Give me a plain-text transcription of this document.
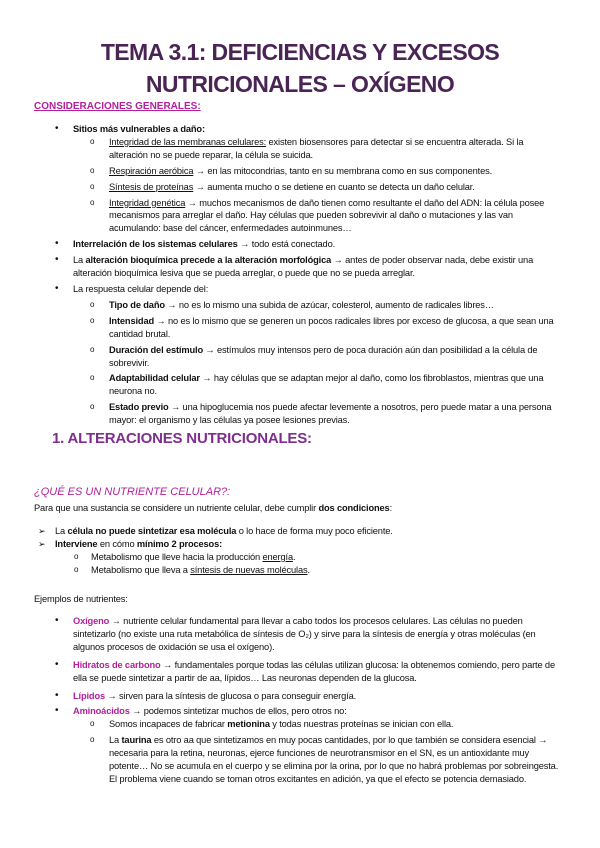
TEMA 3.1: DEFICIENCIAS Y EXCESOS
NUTRICIONALES – OXÍGENO
CONSIDERACIONES GENERALES:
• Sitios más vulnerables a daño:
o Integridad de las membranas celulares: existen biosensores para detectar si se encuentra alterada. Si la alteración no se puede reparar, la célula se suicida.
o Respiración aeróbica → en las mitocondrias, tanto en su membrana como en sus componentes.
o Síntesis de proteínas → aumenta mucho o se detiene en cuanto se detecta un daño celular.
o Integridad genética → muchos mecanismos de daño tienen como resultante el daño del ADN: la célula posee mecanismos para arreglar el daño. Hay células que pueden sobrevivir al daño o mutaciones y las van acumulando: base del cáncer, enfermedades autoinmunes…
• Interrelación de los sistemas celulares → todo está conectado.
• La alteración bioquímica precede a la alteración morfológica → antes de poder observar nada, debe existir una alteración bioquímica lesiva que se pueda arreglar, o puede que no se pueda arreglar.
• La respuesta celular depende del:
o Tipo de daño → no es lo mismo una subida de azúcar, colesterol, aumento de radicales libres…
o Intensidad → no es lo mismo que se generen un pocos radicales libres por exceso de glucosa, a que sean una cantidad brutal.
o Duración del estímulo → estímulos muy intensos pero de poca duración aún dan posibilidad a la célula de sobrevivir.
o Adaptabilidad celular → hay células que se adaptan mejor al daño, como los fibroblastos, mientras que una neurona no.
o Estado previo → una hipoglucemia nos puede afectar levemente a nosotros, pero puede matar a una persona mayor: el organismo y las células ya posee lesiones previas.
1. ALTERACIONES NUTRICIONALES:
¿QUÉ ES UN NUTRIENTE CELULAR?:
Para que una sustancia se considere un nutriente celular, debe cumplir dos condiciones:
➢ La célula no puede sintetizar esa molécula o lo hace de forma muy poco eficiente.
➢ Interviene en cómo mínimo 2 procesos:
o Metabolismo que lleve hacia la producción energía.
o Metabolismo que lleva a síntesis de nuevas moléculas.
Ejemplos de nutrientes:
• Oxígeno → nutriente celular fundamental para llevar a cabo todos los procesos celulares. Las células no pueden sintetizarlo (no existe una ruta metabólica de síntesis de O₂) y sirve para la síntesis de energía y otras moléculas (en algunos procesos de oxidación se usa el oxígeno).
• Hidratos de carbono → fundamentales porque todas las células utilizan glucosa: la obtenemos comiendo, pero parte de ella se puede sintetizar a partir de aa, lípidos… Las neuronas dependen de la glucosa.
• Lípidos → sirven para la síntesis de glucosa o para conseguir energía.
• Aminoácidos → podemos sintetizar muchos de ellos, pero otros no:
o Somos incapaces de fabricar metionina y todas nuestras proteínas se inician con ella.
o La taurina es otro aa que sintetizamos en muy pocas cantidades, por lo que también se considera esencial → necesaria para la retina, neuronas, ejerce funciones de neurotransmisor en el SN, es un antioxidante muy potente… No se acumula en el cuerpo y se elimina por la orina, por lo que no habrá problemas por sobreingesta. El problema viene cuando se toman otros excitantes en adición, ya que el efecto se potencia demasiado.
